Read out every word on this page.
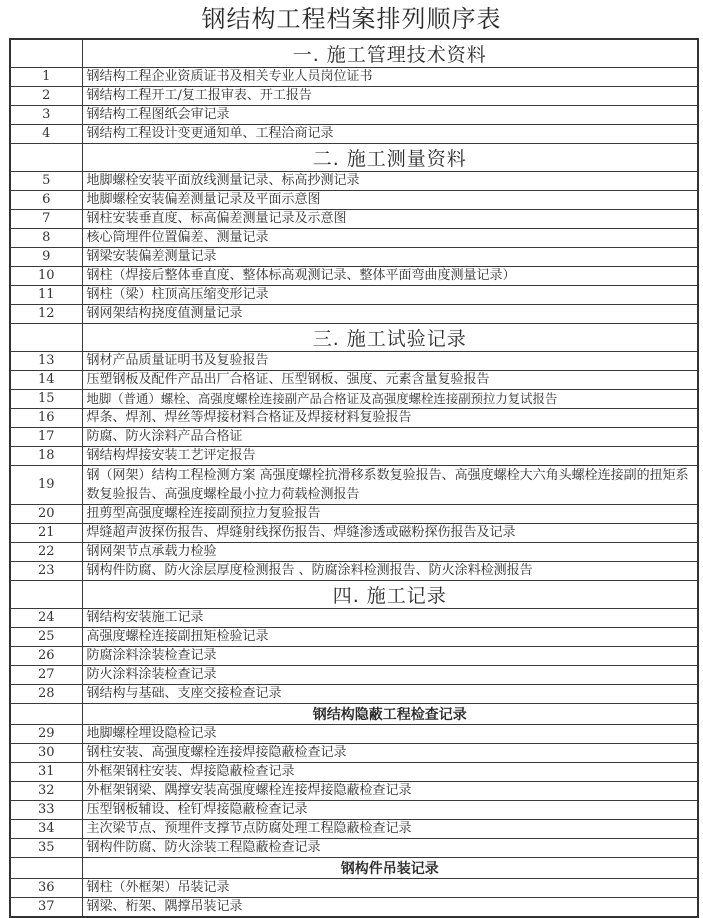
钢结构工程档案排列顺序表
	一. 施工管理技术资料
1	钢结构工程企业资质证书及相关专业人员岗位证书
2	钢结构工程开工/复工报审表、开工报告
3	钢结构工程图纸会审记录
4	钢结构工程设计变更通知单、工程洽商记录
	二. 施工测量资料
5	地脚螺栓安装平面放线测量记录、标高抄测记录
6	地脚螺栓安装偏差测量记录及平面示意图
7	钢柱安装垂直度、标高偏差测量记录及示意图
8	核心筒埋件位置偏差、测量记录
9	钢梁安装偏差测量记录
10	钢柱（焊接后整体垂直度、整体标高观测记录、整体平面弯曲度测量记录）
11	钢柱（梁）柱顶高压缩变形记录
12	钢网架结构挠度值测量记录
	三. 施工试验记录
13	钢材产品质量证明书及复验报告
14	压塑钢板及配件产品出厂合格证、压型钢板、强度、元素含量复验报告
15	地脚（普通）螺栓、高强度螺栓连接副产品合格证及高强度螺栓连接副预拉力复试报告
16	焊条、焊剂、焊丝等焊接材料合格证及焊接材料复验报告
17	防腐、防火涂料产品合格证
18	钢结构焊接安装工艺评定报告
19	钢（网架）结构工程检测方案 高强度螺栓抗滑移系数复验报告、高强度螺栓大六角头螺栓连接副的扭矩系数复验报告、高强度螺栓最小拉力荷载检测报告
20	扭剪型高强度螺栓连接副预拉力复验报告
21	焊缝超声波探伤报告、焊缝射线探伤报告、焊缝渗透或磁粉探伤报告及记录
22	钢网架节点承载力检验
23	钢构件防腐、防火涂层厚度检测报告 、防腐涂料检测报告、防火涂料检测报告
	四. 施工记录
24	钢结构安装施工记录
25	高强度螺栓连接副扭矩检验记录
26	防腐涂料涂装检查记录
27	防火涂料涂装检查记录
28	钢结构与基础、支座交接检查记录
	钢结构隐蔽工程检查记录
29	地脚螺栓埋设隐检记录
30	钢柱安装、高强度螺栓连接焊接隐蔽检查记录
31	外框架钢柱安装、焊接隐蔽检查记录
32	外框架钢梁、隅撑安装高强度螺栓连接焊接隐蔽检查记录
33	压型钢板辅设、栓钉焊接隐蔽检查记录
34	主次梁节点、预埋件支撑节点防腐处理工程隐蔽检查记录
35	钢构件防腐、防火涂装工程隐蔽检查记录
	钢构件吊装记录
36	钢柱（外框架）吊装记录
37	钢梁、桁架、隅撑吊装记录
